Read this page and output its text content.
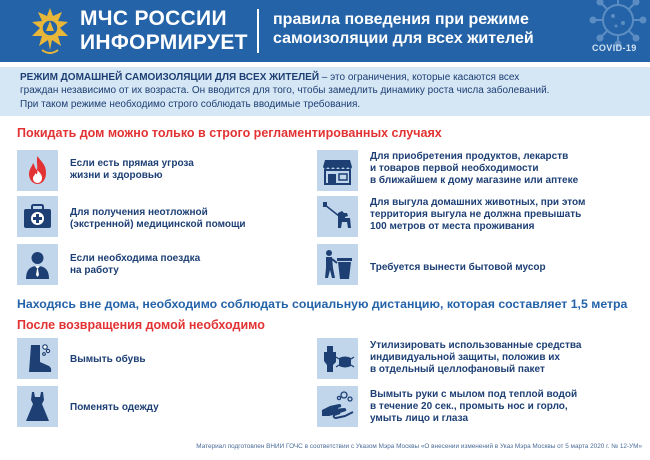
МЧС РОССИИ
ИНФОРМИРУЕТ
правила поведения при режиме
самоизоляции для всех жителей
COVID-19
РЕЖИМ ДОМАШНЕЙ САМОИЗОЛЯЦИИ ДЛЯ ВСЕХ ЖИТЕЛЕЙ – это ограничения, которые касаются всех
граждан независимо от их возраста. Он вводится для того, чтобы замедлить динамику роста числа заболеваний.
При таком режиме необходимо строго соблюдать вводимые требования.
Покидать дом можно только в строго регламентированных случаях
Если есть прямая угроза
жизни и здоровью
Для приобретения продуктов, лекарств
и товаров первой необходимости
в ближайшем к дому магазине или аптеке
Для получения неотложной
(экстренной) медицинской помощи
Для выгула домашних животных, при этом
территория выгула не должна превышать
100 метров от места проживания
Если необходима поездка
на работу	Требуется вынести бытовой мусор
Находясь вне дома, необходимо соблюдать социальную дистанцию, которая составляет 1,5 метра
После возвращения домой необходимо
Вымыть обувь
Утилизировать использованные средства
индивидуальной защиты, положив их
в отдельный целлофановый пакет
Поменять одежду
Вымыть руки с мылом под теплой водой
в течение 20 сек., промыть нос и горло,
умыть лицо и глаза
Материал подготовлен ВНИИ ГОЧС в соответствии с Указом Мэра Москвы «О внесении изменений в Указ Мэра Москвы от 5 марта 2020 г. № 12-УМ»
